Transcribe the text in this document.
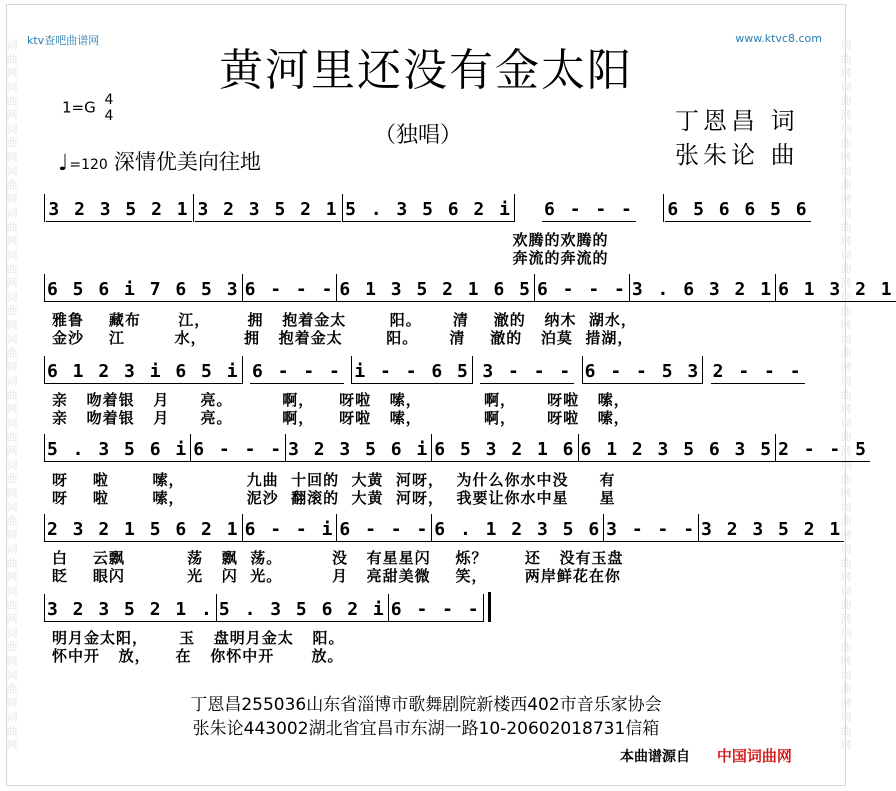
词曲网词曲网词曲网词曲网词曲网词曲网词曲网词曲网词曲网词曲网词曲网词曲网词曲网词曲网词曲网词曲网词曲网	词曲网词曲网词曲网词曲网词曲网词曲网词曲网词曲网词曲网词曲网词曲网词曲网词曲网词曲网词曲网词曲网词曲网
ktv查吧曲谱网	www.ktvc8.com
黄河里还没有金太阳
1=G 4
4
（独唱）
丁恩昌 词
张朱论 曲
♩ =120 深情优美向往地
3 2 3 5 2 1 3 2 3 5 2 1 5 . 3 5 6 2 i 6 - - - 6 5 6 6 5 6
欢腾的欢腾的
奔流的奔流的
6 5 6 i 7 6 5 3 6 - - - 6 1 3 5 2 1 6 5 6 - - - 3 . 6 3 2 1 6 1 3 2 1
雅鲁    藏布      江，      拥   抱着金太       阳。     清    澈的   纳木  湖水，
金沙    江        水，      拥   抱着金太       阳。     清    澈的   泊莫  措湖，
6 1 2 3 i 6 5 i 6 - - - i - - 6 5 3 - - - 6 - - 5 3 2 - - -
亲   吻着银   月     亮。        啊，    呀啦   嗦，          啊，     呀啦   嗦，
亲   吻着银   月     亮。        啊，    呀啦   嗦，          啊，     呀啦   嗦，
5 . 3 5 6 i 6 - - - 3 2 3 5 6 i 6 5 3 2 1 6 6 1 2 3 5 6 3 5 2 - - 5
呀    啦       嗦，          九曲  十回的  大黄  河呀，  为什么你水中没     有
呀    啦       嗦，          泥沙  翻滚的  大黄  河呀，  我要让你水中星     星
2 3 2 1 5 6 2 1 6 - - i 6 - - - 6 . 1 2 3 5 6 3 - - - 3 2 3 5 2 1
白    云飘          荡   飘  荡。        没   有星星闪    烁？      还   没有玉盘
眨    眼闪          光   闪  光。        月   亮甜美微    笑，      两岸鲜花在你
3 2 3 5 2 1 . 5 . 3 5 6 2 i 6 - - -
明月金太阳，     玉   盘明月金太   阳。
怀中开   放，    在   你怀中开      放。
丁恩昌255036山东省淄博市歌舞剧院新楼西402市音乐家协会
张朱论443002湖北省宜昌市东湖一路10-20602018731信箱
本曲谱源自 中国词曲网
